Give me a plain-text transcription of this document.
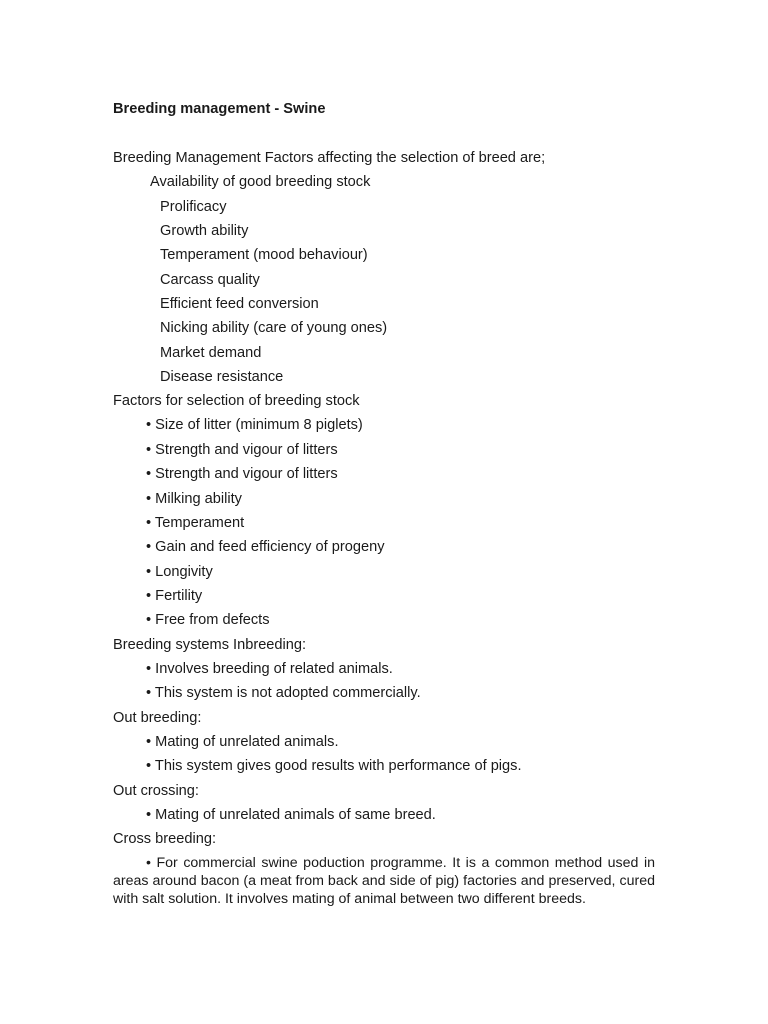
Breeding management - Swine
Breeding Management Factors affecting the selection of breed are;
Availability of good breeding stock
Prolificacy
Growth ability
Temperament (mood behaviour)
Carcass quality
Efficient feed conversion
Nicking ability (care of young ones)
Market demand
Disease resistance
Factors for selection of breeding stock
• Size of litter (minimum 8 piglets)
• Strength and vigour of litters
• Strength and vigour of litters
• Milking ability
• Temperament
• Gain and feed efficiency of progeny
• Longivity
• Fertility
• Free from defects
Breeding systems Inbreeding:
• Involves breeding of related animals.
• This system is not adopted commercially.
Out breeding:
• Mating of unrelated animals.
• This system gives good results with performance of pigs.
Out crossing:
• Mating of unrelated animals of same breed.
Cross breeding:
• For commercial swine poduction programme. It is a common method used in areas around bacon (a meat from back and side of pig) factories and preserved, cured with salt solution. It involves mating of animal between two different breeds.
